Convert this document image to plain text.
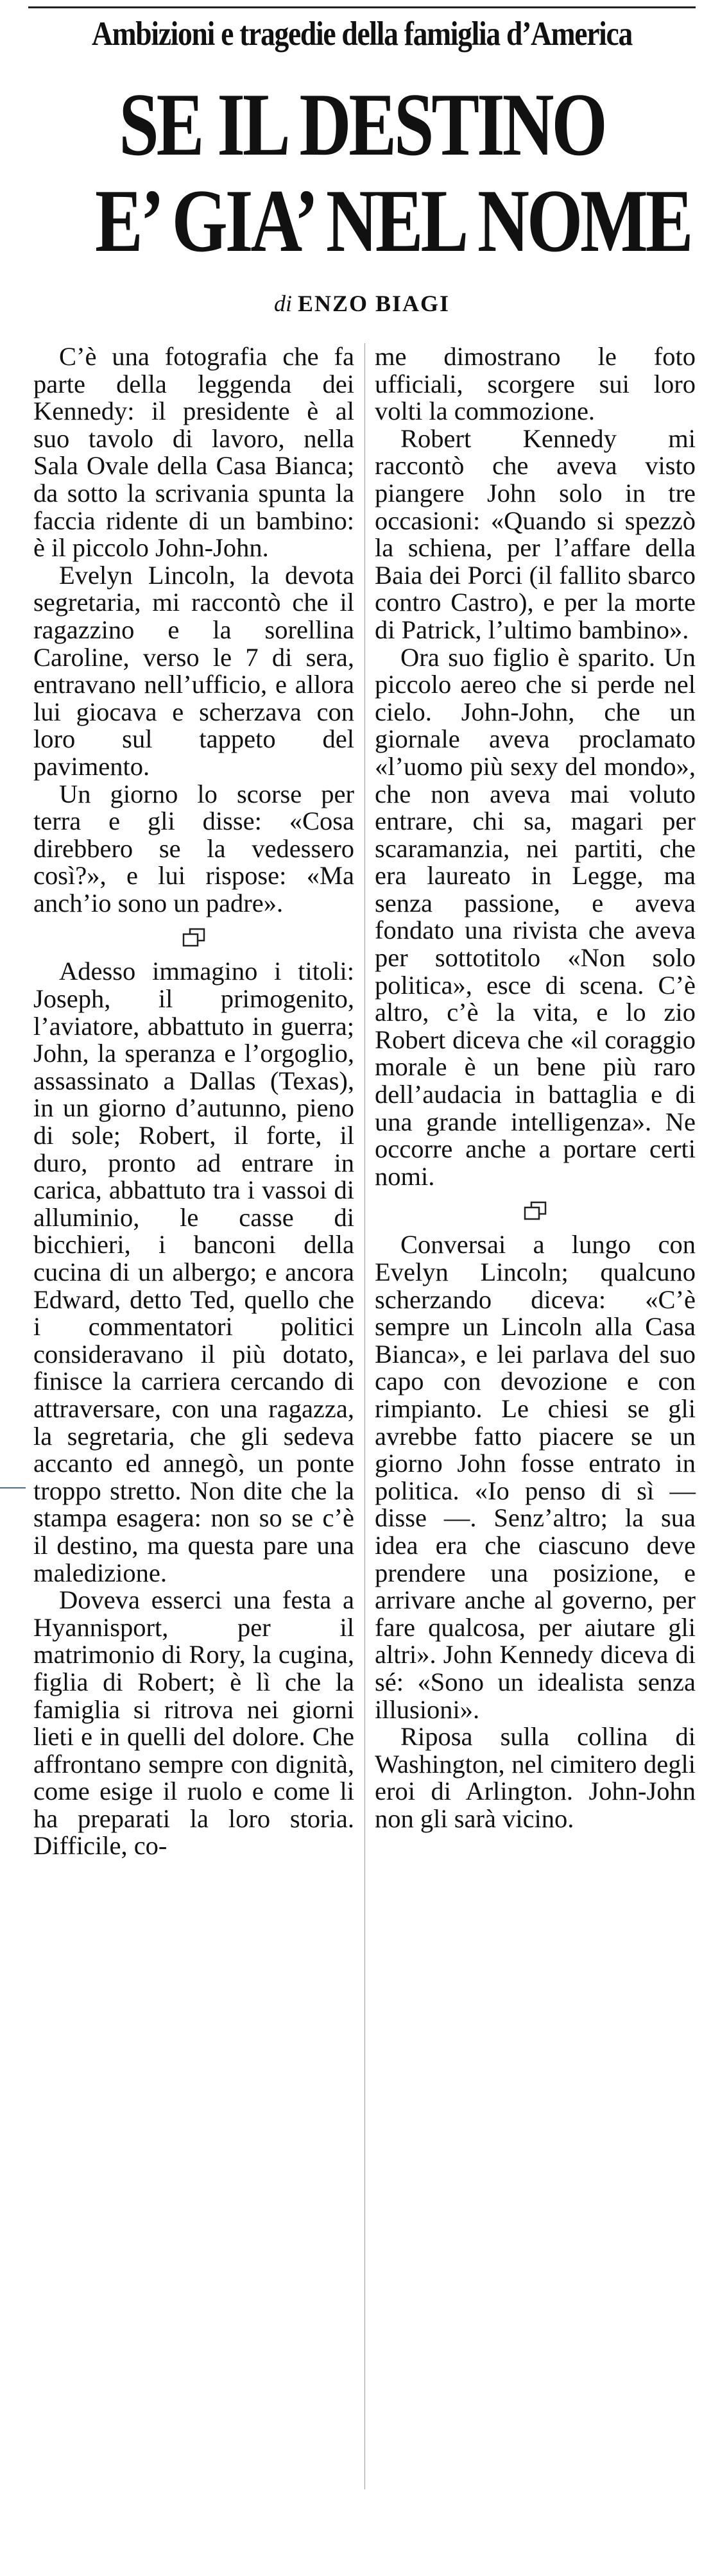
Ambizioni e tragedie della famiglia d’America
SE IL DESTINO
E’ GIA’ NEL NOME
di ENZO BIAGI

C’è una fotografia che fa parte della leggenda dei Kennedy: il presidente è al suo tavolo di lavoro, nella Sala Ovale della Casa Bianca; da sotto la scrivania spunta la faccia ridente di un bambino: è il piccolo John-John.

Evelyn Lincoln, la devota segretaria, mi raccontò che il ragazzino e la sorellina Caroline, verso le 7 di sera, entravano nell’ufficio, e allora lui giocava e scherzava con loro sul tappeto del pavimento.

Un giorno lo scorse per terra e gli disse: «Cosa direbbero se la vedessero così?», e lui rispose: «Ma anch’io sono un padre».

Adesso immagino i titoli: Joseph, il primogenito, l’aviatore, abbattuto in guerra; John, la speranza e l’orgoglio, assassinato a Dallas (Texas), in un giorno d’autunno, pieno di sole; Robert, il forte, il duro, pronto ad entrare in carica, abbattuto tra i vassoi di alluminio, le casse di bicchieri, i banconi della cucina di un albergo; e ancora Edward, detto Ted, quello che i commentatori politici consideravano il più dotato, finisce la carriera cercando di attraversare, con una ragazza, la segretaria, che gli sedeva accanto ed annegò, un ponte troppo stretto. Non dite che la stampa esagera: non so se c’è il destino, ma questa pare una maledizione.

Doveva esserci una festa a Hyannisport, per il matrimonio di Rory, la cugina, figlia di Robert; è lì che la famiglia si ritrova nei giorni lieti e in quelli del dolore. Che affrontano sempre con dignità, come esige il ruolo e come li ha preparati la loro storia. Difficile, co-

me dimostrano le foto ufficiali, scorgere sui loro volti la commozione.

Robert Kennedy mi raccontò che aveva visto piangere John solo in tre occasioni: «Quando si spezzò la schiena, per l’affare della Baia dei Porci (il fallito sbarco contro Castro), e per la morte di Patrick, l’ultimo bambino».

Ora suo figlio è sparito. Un piccolo aereo che si perde nel cielo. John-John, che un giornale aveva proclamato «l’uomo più sexy del mondo», che non aveva mai voluto entrare, chi sa, magari per scaramanzia, nei partiti, che era laureato in Legge, ma senza passione, e aveva fondato una rivista che aveva per sottotitolo «Non solo politica», esce di scena. C’è altro, c’è la vita, e lo zio Robert diceva che «il coraggio morale è un bene più raro dell’audacia in battaglia e di una grande intelligenza». Ne occorre anche a portare certi nomi.

Conversai a lungo con Evelyn Lincoln; qualcuno scherzando diceva: «C’è sempre un Lincoln alla Casa Bianca», e lei parlava del suo capo con devozione e con rimpianto. Le chiesi se gli avrebbe fatto piacere se un giorno John fosse entrato in politica. «Io penso di sì — disse —. Senz’altro; la sua idea era che ciascuno deve prendere una posizione, e arrivare anche al governo, per fare qualcosa, per aiutare gli altri». John Kennedy diceva di sé: «Sono un idealista senza illusioni».

Riposa sulla collina di Washington, nel cimitero degli eroi di Arlington. John-John non gli sarà vicino.
